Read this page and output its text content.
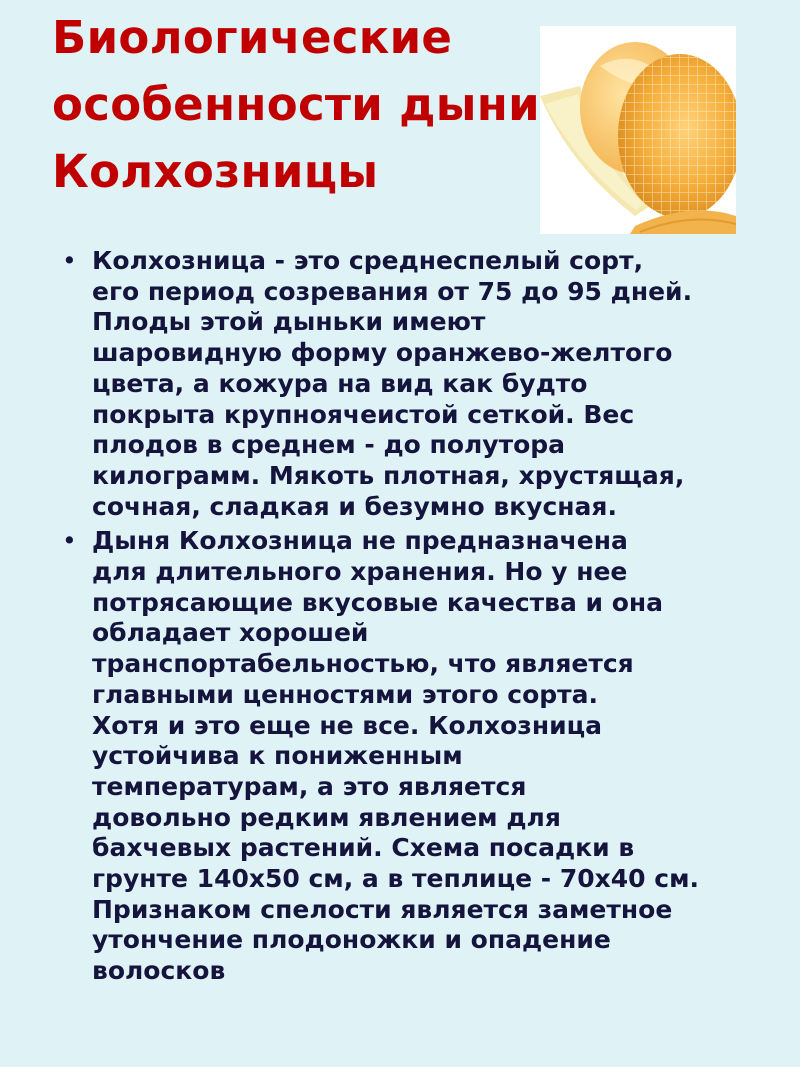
Биологические
особенности дыни
Колхозницы
• Колхозница - это среднеспелый сорт,
его период созревания от 75 до 95 дней.
Плоды этой дыньки имеют
шаровидную форму оранжево-желтого
цвета, а кожура на вид как будто
покрыта крупноячеистой сеткой. Вес
плодов в среднем - до полутора
килограмм. Мякоть плотная, хрустящая,
сочная, сладкая и безумно вкусная.
• Дыня Колхозница не предназначена
для длительного хранения. Но у нее
потрясающие вкусовые качества и она
обладает хорошей
транспортабельностью, что является
главными ценностями этого сорта.
Хотя и это еще не все. Колхозница
устойчива к пониженным
температурам, а это является
довольно редким явлением для
бахчевых растений. Схема посадки в
грунте 140х50 см, а в теплице - 70х40 см.
Признаком спелости является заметное
утончение плодоножки и опадение
волосков
